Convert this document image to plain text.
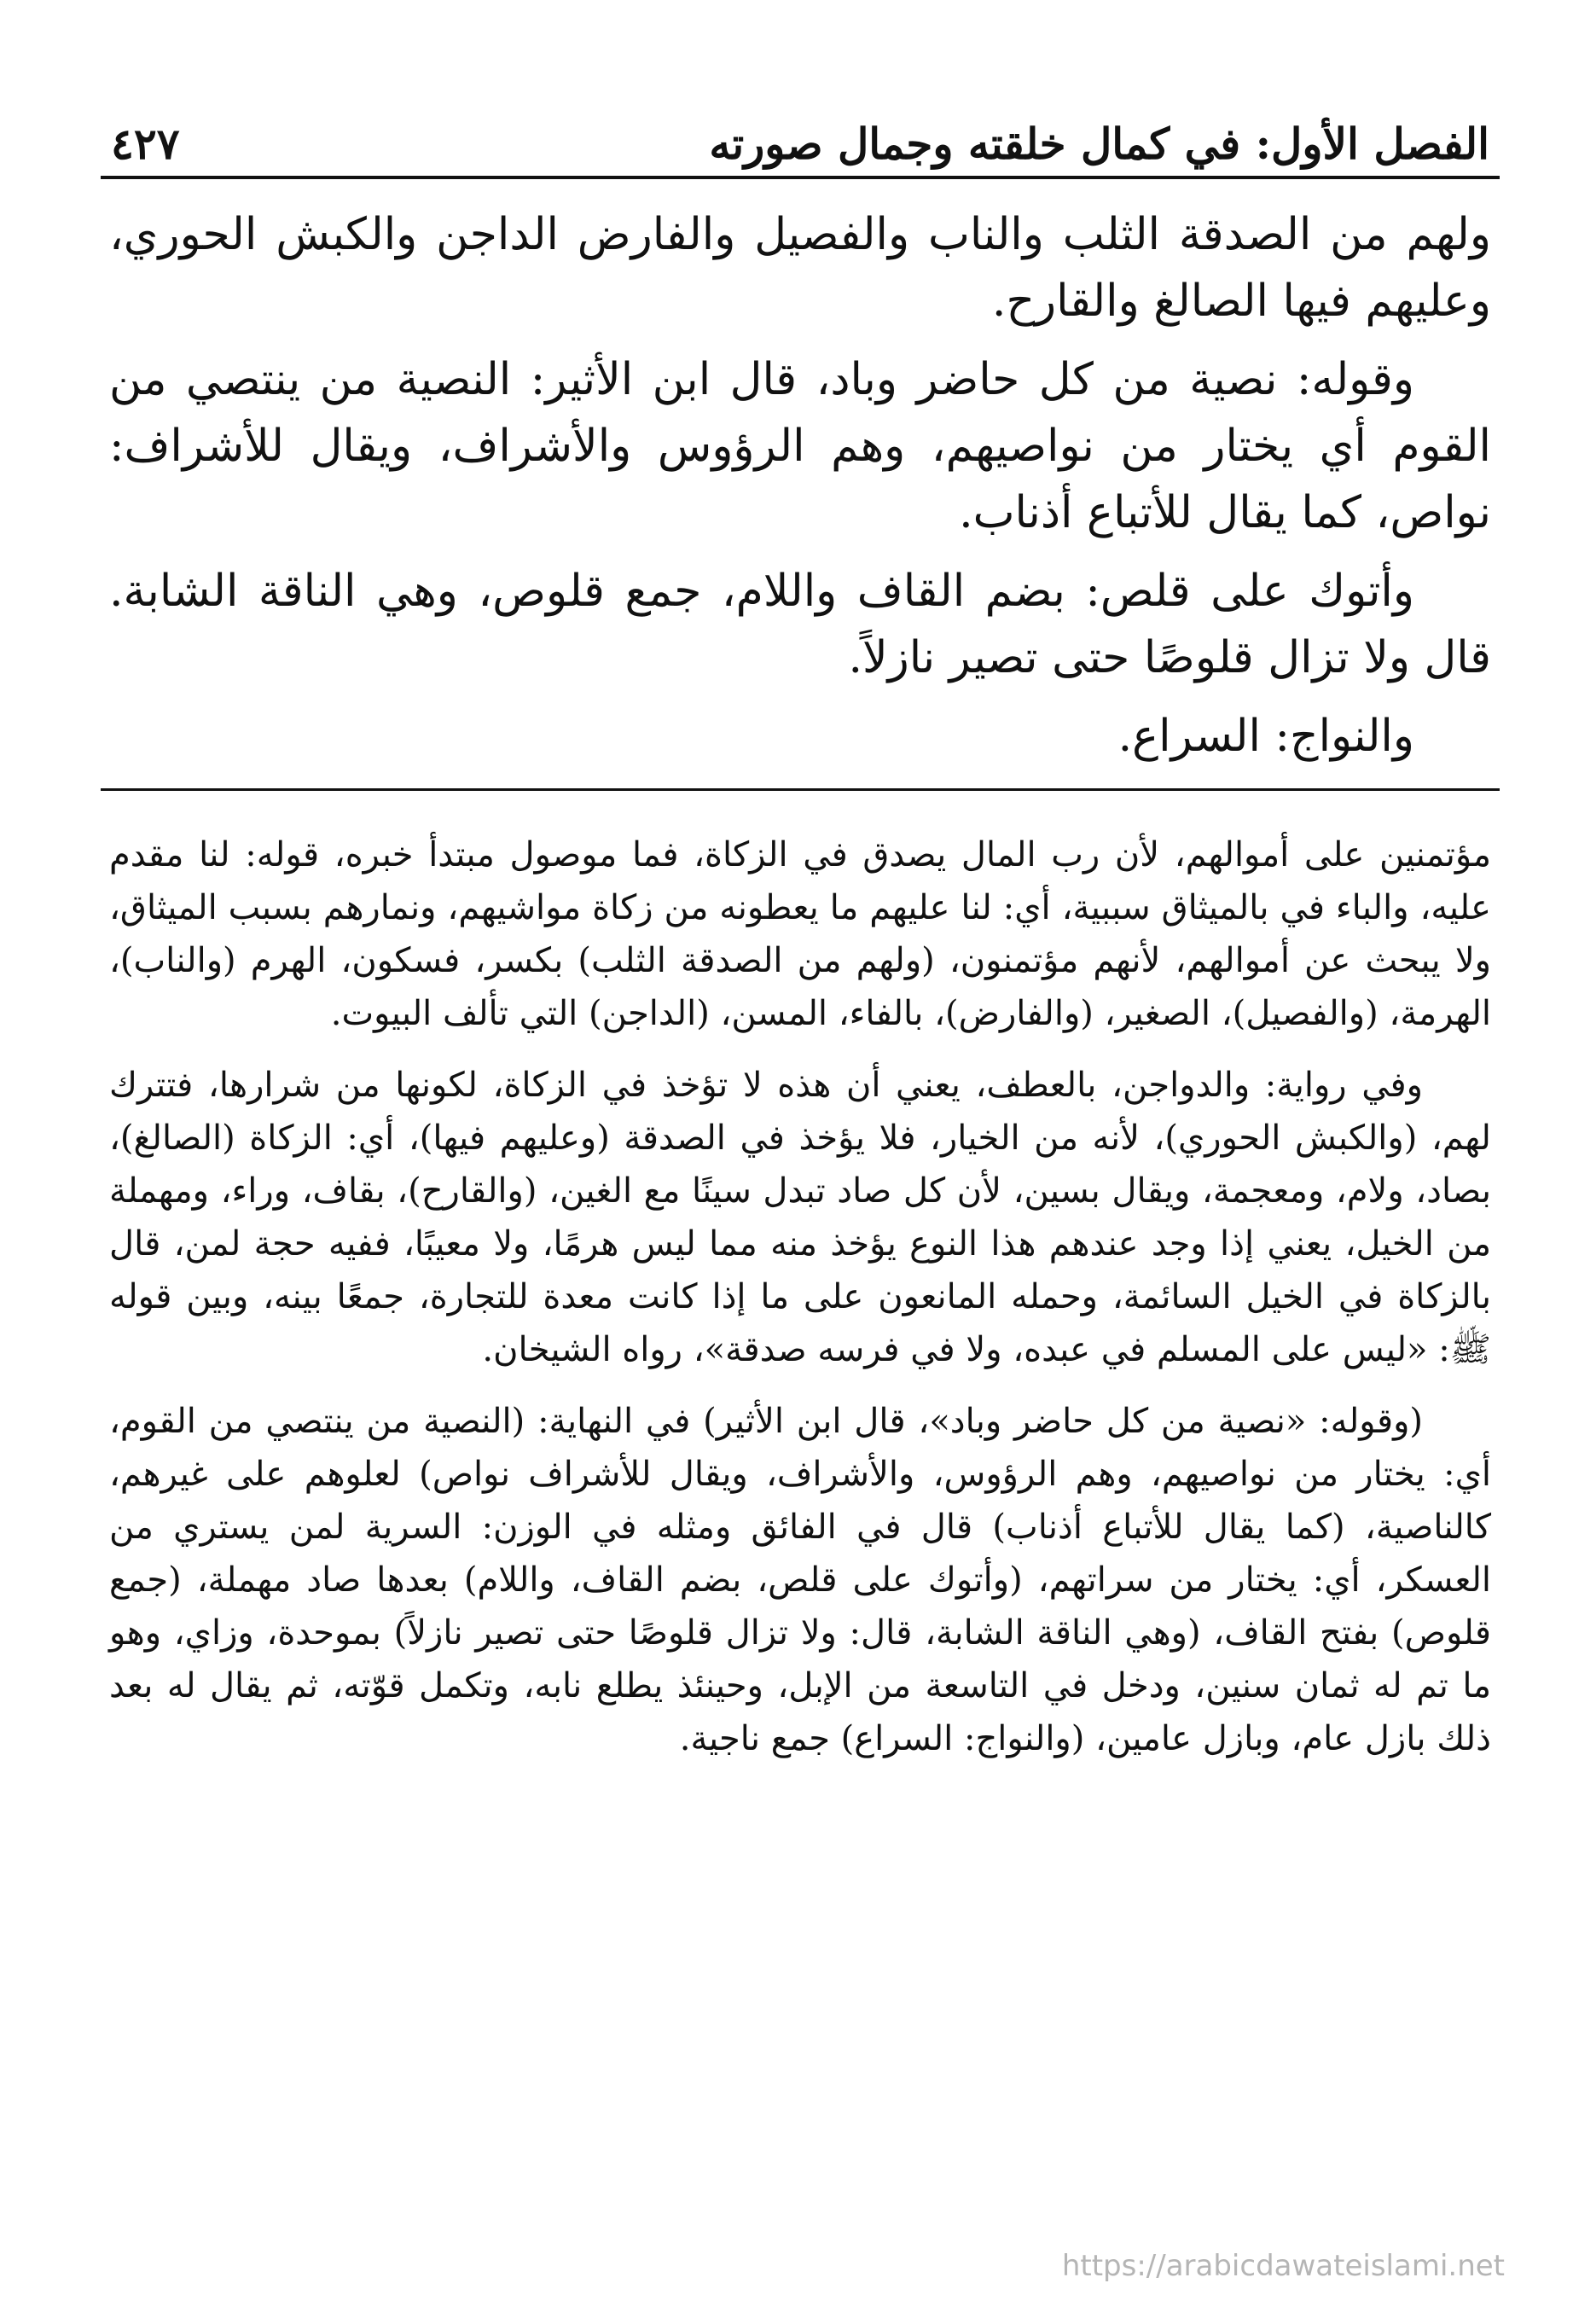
الفصل الأول: في كمال خلقته وجمال صورته
٤٢٧

ولهم من الصدقة الثلب والناب والفصيل والفارض الداجن والكبش الحوري، وعليهم فيها الصالغ والقارح.

وقوله: نصية من كل حاضر وباد، قال ابن الأثير: النصية من ينتصي من القوم أي يختار من نواصيهم، وهم الرؤوس والأشراف، ويقال للأشراف: نواص، كما يقال للأتباع أذناب.

وأتوك على قلص: بضم القاف واللام، جمع قلوص، وهي الناقة الشابة. قال ولا تزال قلوصًا حتى تصير نازلاً.

والنواج: السراع.

مؤتمنين على أموالهم، لأن رب المال يصدق في الزكاة، فما موصول مبتدأ خبره، قوله: لنا مقدم عليه، والباء في بالميثاق سببية، أي: لنا عليهم ما يعطونه من زكاة مواشيهم، ونمارهم بسبب الميثاق، ولا يبحث عن أموالهم، لأنهم مؤتمنون، (ولهم من الصدقة الثلب) بكسر، فسكون، الهرم (والناب)، الهرمة، (والفصيل)، الصغير، (والفارض)، بالفاء، المسن، (الداجن) التي تألف البيوت.

وفي رواية: والدواجن، بالعطف، يعني أن هذه لا تؤخذ في الزكاة، لكونها من شرارها، فتترك لهم، (والكبش الحوري)، لأنه من الخيار، فلا يؤخذ في الصدقة (وعليهم فيها)، أي: الزكاة (الصالغ)، بصاد، ولام، ومعجمة، ويقال بسين، لأن كل صاد تبدل سينًا مع الغين، (والقارح)، بقاف، وراء، ومهملة من الخيل، يعني إذا وجد عندهم هذا النوع يؤخذ منه مما ليس هرمًا، ولا معيبًا، ففيه حجة لمن، قال بالزكاة في الخيل السائمة، وحمله المانعون على ما إذا كانت معدة للتجارة، جمعًا بينه، وبين قوله ﷺ: «ليس على المسلم في عبده، ولا في فرسه صدقة»، رواه الشيخان.

(وقوله: «نصية من كل حاضر وباد»، قال ابن الأثير) في النهاية: (النصية من ينتصي من القوم، أي: يختار من نواصيهم، وهم الرؤوس، والأشراف، ويقال للأشراف نواص) لعلوهم على غيرهم، كالناصية، (كما يقال للأتباع أذناب) قال في الفائق ومثله في الوزن: السرية لمن يستري من العسكر، أي: يختار من سراتهم، (وأتوك على قلص، بضم القاف، واللام) بعدها صاد مهملة، (جمع قلوص) بفتح القاف، (وهي الناقة الشابة، قال: ولا تزال قلوصًا حتى تصير نازلاً) بموحدة، وزاي، وهو ما تم له ثمان سنين، ودخل في التاسعة من الإبل، وحينئذ يطلع نابه، وتكمل قوّته، ثم يقال له بعد ذلك بازل عام، وبازل عامين، (والنواج: السراع) جمع ناجية.

https://arabicdawateislami.net
